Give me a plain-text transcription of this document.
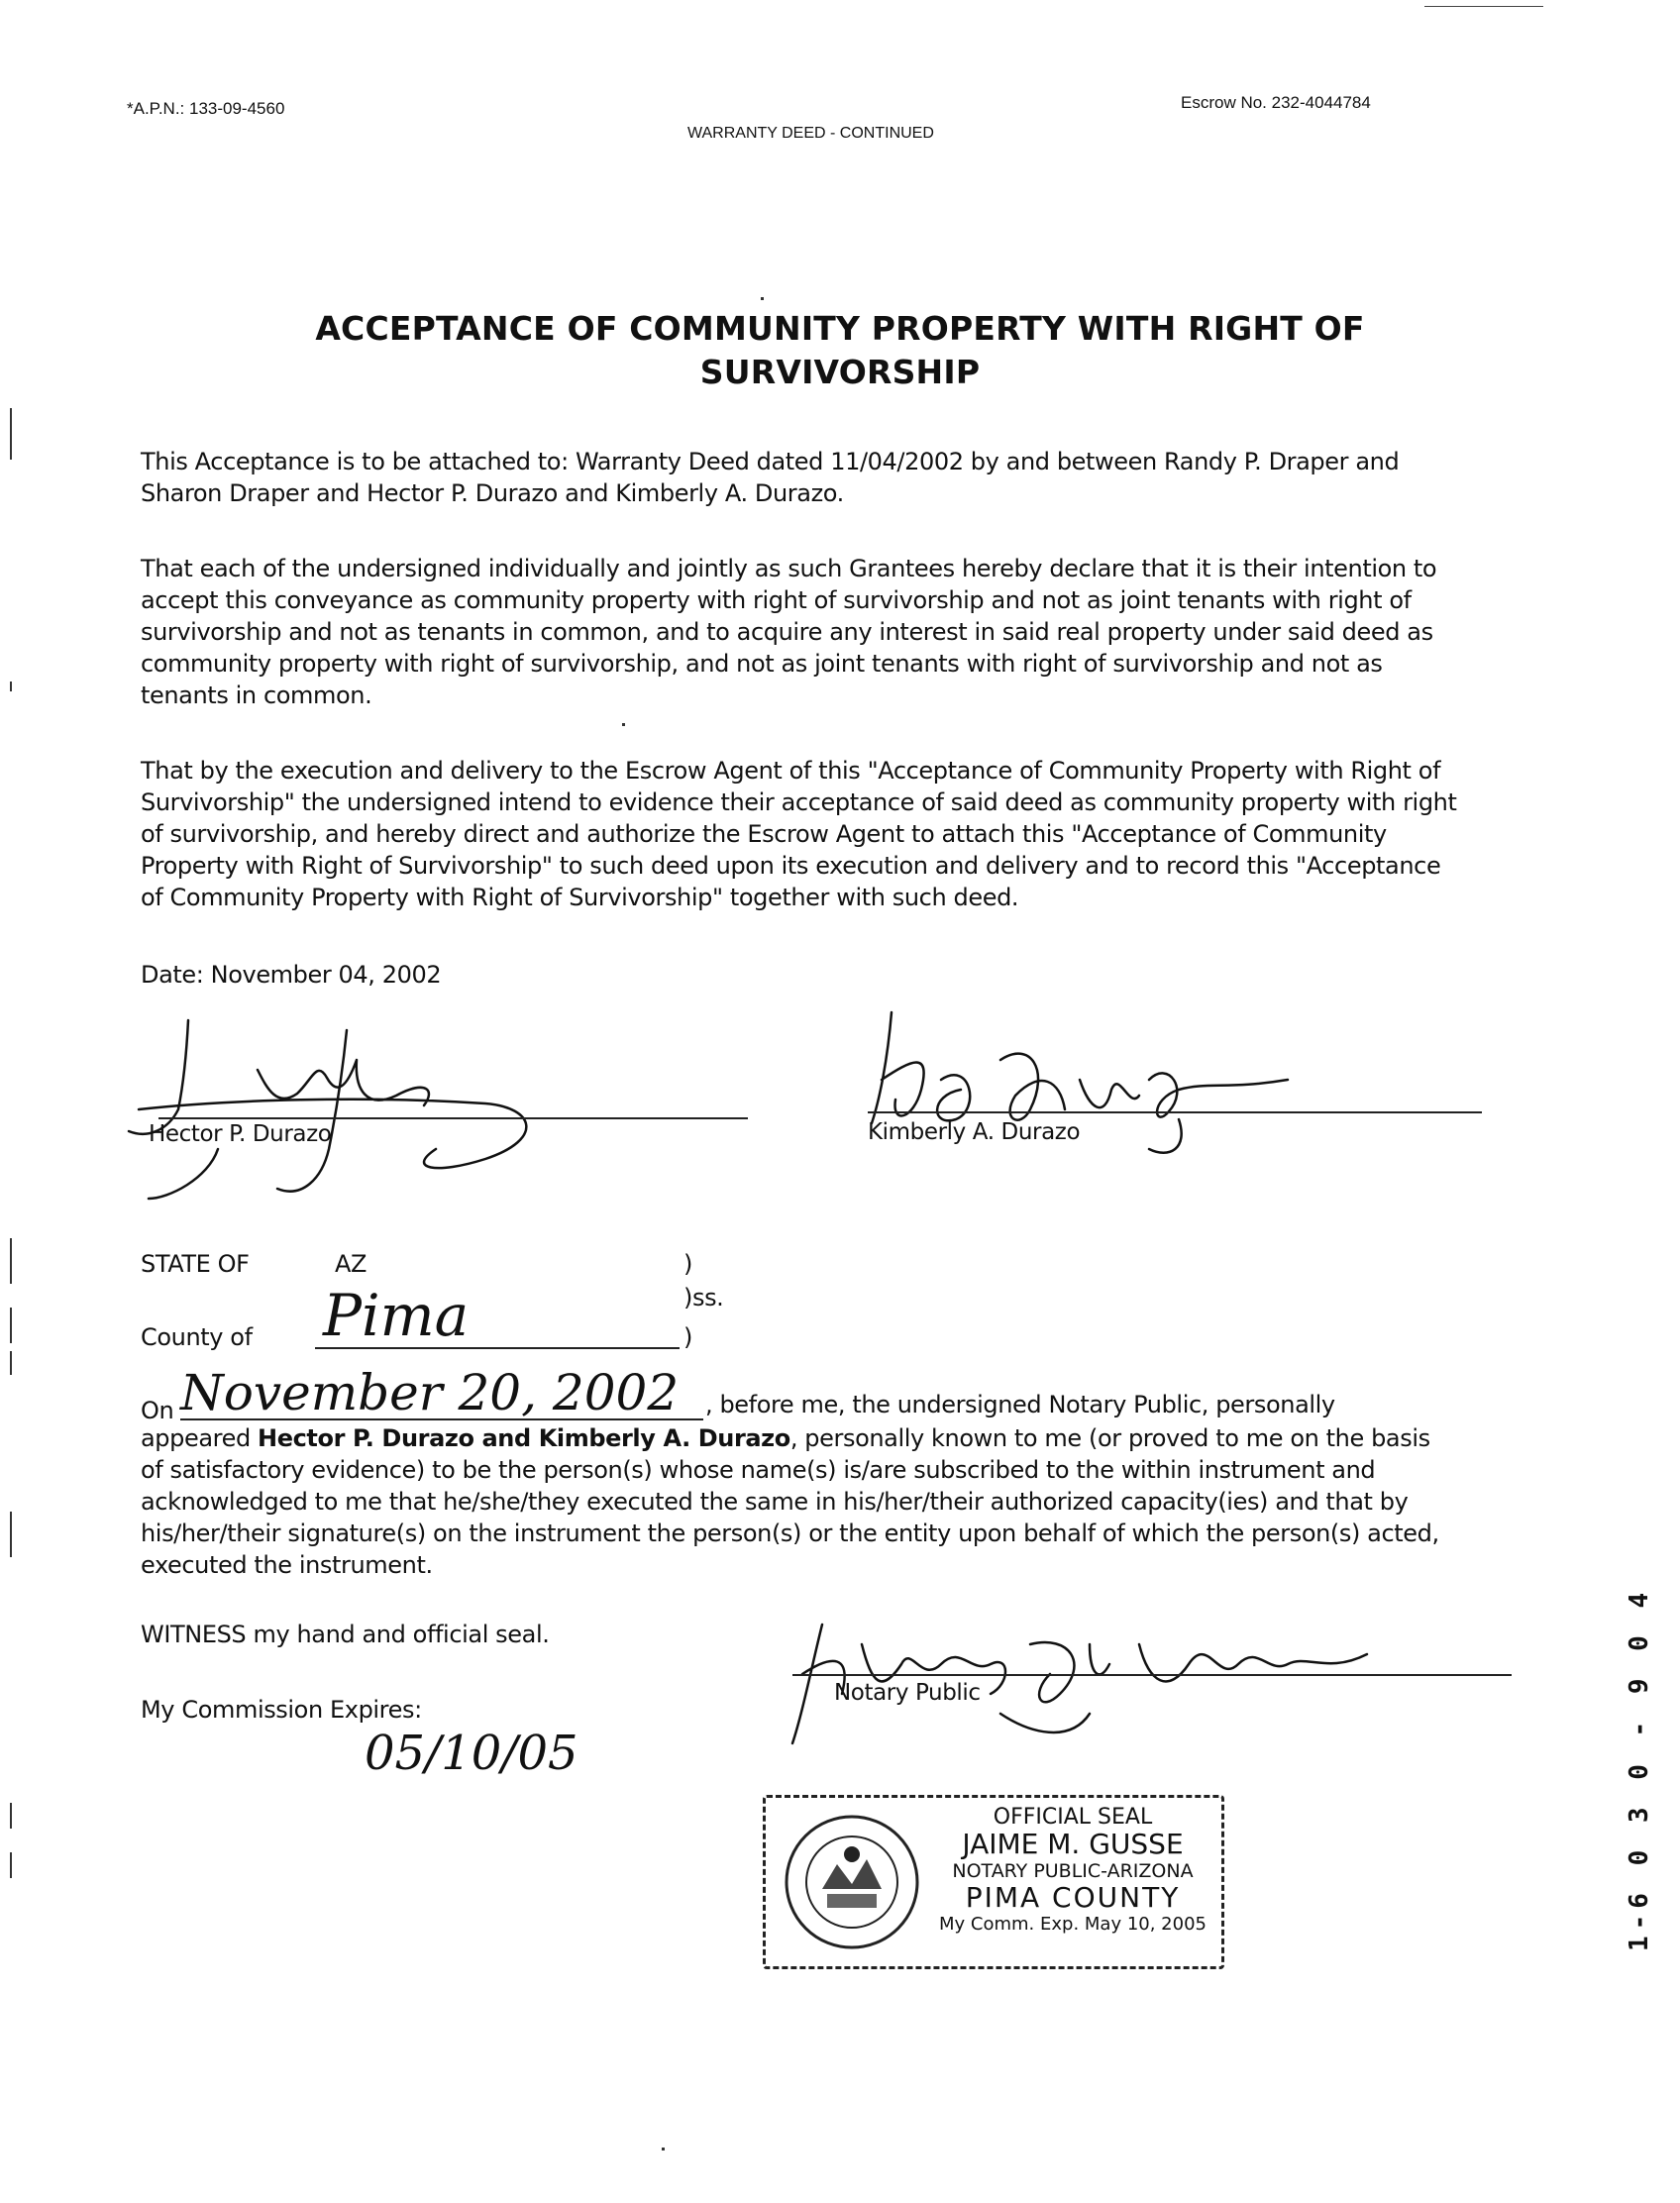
*A.P.N.: 133-09-4560	Escrow No. 232-4044784
WARRANTY DEED - CONTINUED
ACCEPTANCE OF COMMUNITY PROPERTY WITH RIGHT OF
SURVIVORSHIP
This Acceptance is to be attached to: Warranty Deed dated 11/04/2002 by and between Randy P. Draper and
Sharon Draper and Hector P. Durazo and Kimberly A. Durazo.
That each of the undersigned individually and jointly as such Grantees hereby declare that it is their intention to
accept this conveyance as community property with right of survivorship and not as joint tenants with right of
survivorship and not as tenants in common, and to acquire any interest in said real property under said deed as
community property with right of survivorship, and not as joint tenants with right of survivorship and not as
tenants in common.
That by the execution and delivery to the Escrow Agent of this "Acceptance of Community Property with Right of
Survivorship" the undersigned intend to evidence their acceptance of said deed as community property with right
of survivorship, and hereby direct and authorize the Escrow Agent to attach this "Acceptance of Community
Property with Right of Survivorship" to such deed upon its execution and delivery and to record this "Acceptance
of Community Property with Right of Survivorship" together with such deed.
Date: November 04, 2002
Hector P. Durazo	Kimberly A. Durazo
STATE OF	AZ	)
)ss.
County of Pima	)
On November 20, 2002 , before me, the undersigned Notary Public, personally
appeared Hector P. Durazo and Kimberly A. Durazo, personally known to me (or proved to me on the basis
of satisfactory evidence) to be the person(s) whose name(s) is/are subscribed to the within instrument and
acknowledged to me that he/she/they executed the same in his/her/their authorized capacity(ies) and that by
his/her/their signature(s) on the instrument the person(s) or the entity upon behalf of which the person(s) acted,
executed the instrument.
WITNESS my hand and official seal.
My Commission Expires:
05/10/05
Notary Public
OFFICIAL SEAL
JAIME M. GUSSE
NOTARY PUBLIC-ARIZONA
PIMA COUNTY
My Comm. Exp. May 10, 2005	1-6 0 3 0 - 9 0 4
